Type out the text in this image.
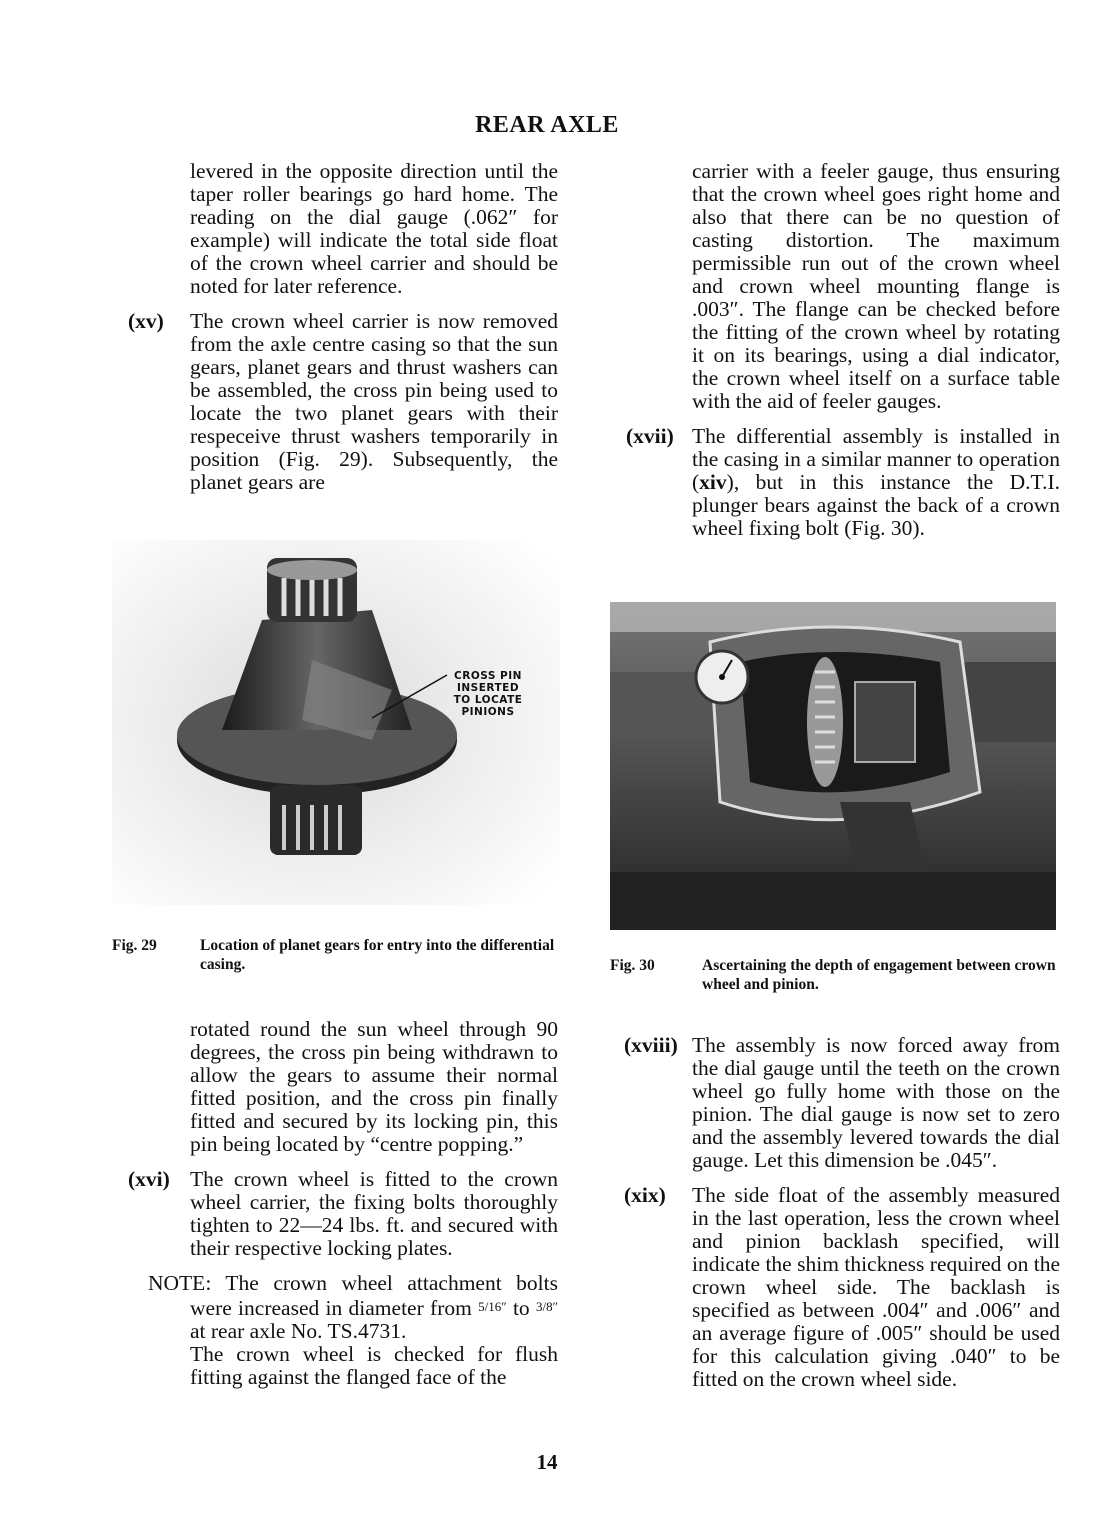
REAR AXLE

levered in the opposite direction until the taper roller bearings go hard home. The reading on the dial gauge (.062″ for example) will indicate the total side float of the crown wheel carrier and should be noted for later reference.

(xv) The crown wheel carrier is now removed from the axle centre casing so that the sun gears, planet gears and thrust washers can be assembled, the cross pin being used to locate the two planet gears with their respeceive thrust washers temporarily in position (Fig. 29). Subsequently, the planet gears are

CROSS PIN INSERTED TO LOCATE PINIONS
Fig. 29	Location of planet gears for entry into the differential casing.

rotated round the sun wheel through 90 degrees, the cross pin being withdrawn to allow the gears to assume their normal fitted position, and the cross pin finally fitted and secured by its locking pin, this pin being located by “centre popping.”

(xvi) The crown wheel is fitted to the crown wheel carrier, the fixing bolts thoroughly tighten to 22—24 lbs. ft. and secured with their respective locking plates.

NOTE: The crown wheel attachment bolts were increased in diameter from 5/16″ to 3/8″ at rear axle No. TS.4731.

The crown wheel is checked for flush fitting against the flanged face of the

carrier with a feeler gauge, thus ensuring that the crown wheel goes right home and also that there can be no question of casting distortion. The maximum permissible run out of the crown wheel and crown wheel mounting flange is .003″. The flange can be checked before the fitting of the crown wheel by rotating it on its bearings, using a dial indicator, the crown wheel itself on a surface table with the aid of feeler gauges.

(xvii) The differential assembly is installed in the casing in a similar manner to operation (xiv), but in this instance the D.T.I. plunger bears against the back of a crown wheel fixing bolt (Fig. 30).

Fig. 30	Ascertaining the depth of engagement between crown wheel and pinion.
(xviii) The assembly is now forced away from the dial gauge until the teeth on the crown wheel go fully home with those on the pinion. The dial gauge is now set to zero and the assembly levered towards the dial gauge. Let this dimension be .045″.

(xix) The side float of the assembly measured in the last operation, less the crown wheel and pinion backlash specified, will indicate the shim thickness required on the crown wheel side. The backlash is specified as between .004″ and .006″ and an average figure of .005″ should be used for this calculation giving .040″ to be fitted on the crown wheel side.

14
